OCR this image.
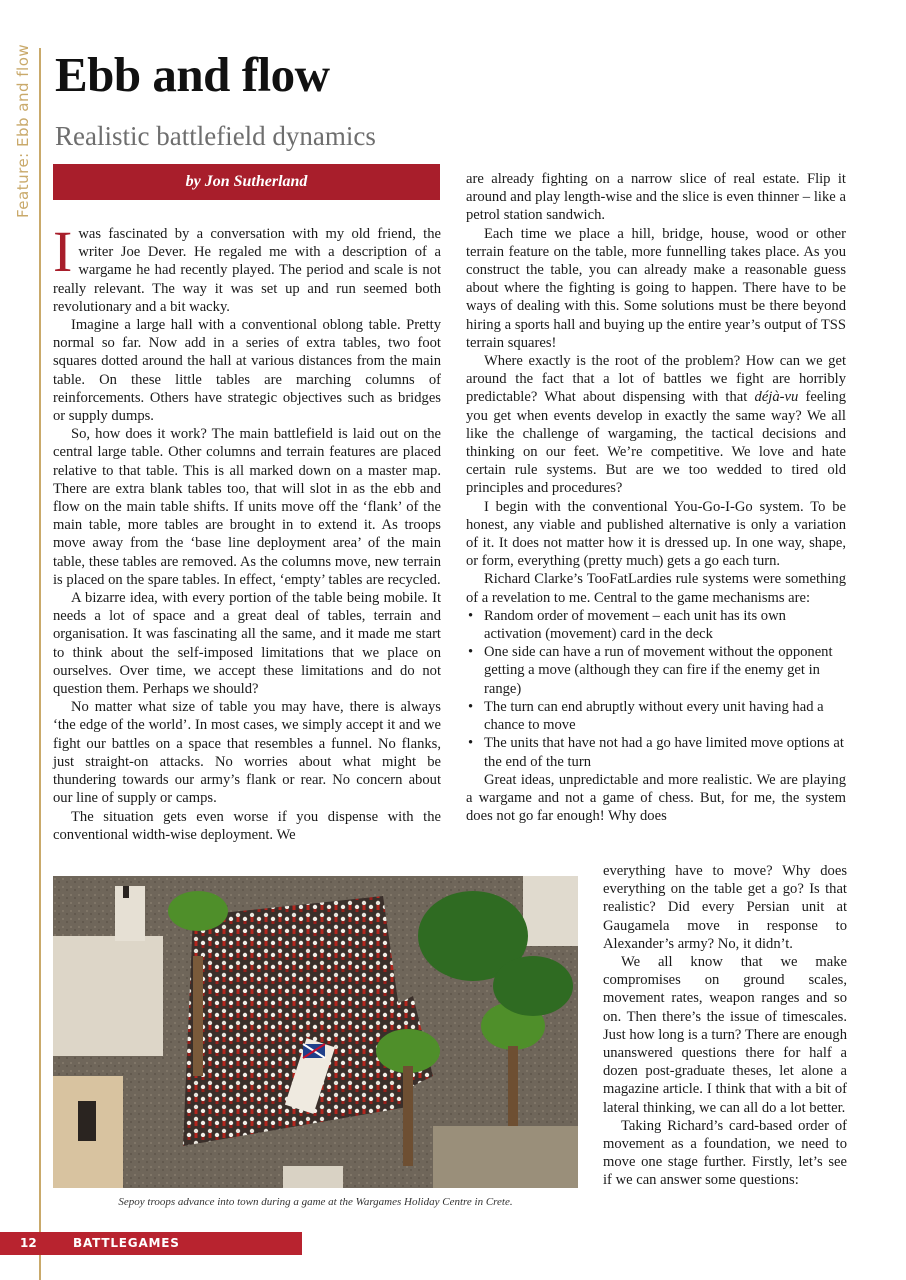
Feature: Ebb and flow Ebb and flow
Realistic battlefield dynamics
by Jon Sutherland

Iwas fascinated by a conversation with my old friend, the writer Joe Dever. He regaled me with a description of a wargame he had recently played. The period and scale is not really relevant. The way it was set up and run seemed both revolutionary and a bit wacky.

Imagine a large hall with a conventional oblong table. Pretty normal so far. Now add in a series of extra tables, two foot squares dotted around the hall at various distances from the main table. On these little tables are marching columns of reinforcements. Others have strategic objectives such as bridges or supply dumps.

So, how does it work? The main battlefield is laid out on the central large table. Other columns and terrain features are placed relative to that table. This is all marked down on a master map. There are extra blank tables too, that will slot in as the ebb and flow on the main table shifts. If units move off the ‘flank’ of the main table, more tables are brought in to extend it. As troops move away from the ‘base line deployment area’ of the main table, these tables are removed. As the columns move, new terrain is placed on the spare tables. In effect, ‘empty’ tables are recycled.

A bizarre idea, with every portion of the table being mobile. It needs a lot of space and a great deal of tables, terrain and organisation. It was fascinating all the same, and it made me start to think about the self-imposed limitations that we place on ourselves. Over time, we accept these limitations and do not question them. Perhaps we should?

No matter what size of table you may have, there is always ‘the edge of the world’. In most cases, we simply accept it and we fight our battles on a space that resembles a funnel. No flanks, just straight-on attacks. No worries about what might be thundering towards our army’s flank or rear. No concern about our line of supply or camps.

The situation gets even worse if you dispense with the conventional width-wise deployment. We

are already fighting on a narrow slice of real estate. Flip it around and play length-wise and the slice is even thinner – like a petrol station sandwich.

Each time we place a hill, bridge, house, wood or other terrain feature on the table, more funnelling takes place. As you construct the table, you can already make a reasonable guess about where the fighting is going to happen. There have to be ways of dealing with this. Some solutions must be there beyond hiring a sports hall and buying up the entire year’s output of TSS terrain squares!

Where exactly is the root of the problem? How can we get around the fact that a lot of battles we fight are horribly predictable? What about dispensing with that déjà-vu feeling you get when events develop in exactly the same way? We all like the challenge of wargaming, the tactical decisions and thinking on our feet. We’re competitive. We love and hate certain rule systems. But are we too wedded to tired old principles and procedures?

I begin with the conventional You-Go-I-Go system. To be honest, any viable and published alternative is only a variation of it. It does not matter how it is dressed up. In one way, shape, or form, everything (pretty much) gets a go each turn.

Richard Clarke’s TooFatLardies rule systems were something of a revelation to me. Central to the game mechanisms are:

• Random order of movement – each unit has its own activation (movement) card in the deck
• One side can have a run of movement without the opponent getting a move (although they can fire if the enemy get in range)
• The turn can end abruptly without every unit having had a chance to move
• The units that have not had a go have limited move options at the end of the turn

Great ideas, unpredictable and more realistic. We are playing a wargame and not a game of chess. But, for me, the system does not go far enough! Why does

everything have to move? Why does everything on the table get a go? Is that realistic? Did every Persian unit at Gaugamela move in response to Alexander’s army? No, it didn’t.

We all know that we make compromises on ground scales, movement rates, weapon ranges and so on. Then there’s the issue of timescales. Just how long is a turn? There are enough unanswered questions there for half a dozen post-graduate theses, let alone a magazine article. I think that with a bit of lateral thinking, we can all do a lot better.

Taking Richard’s card-based order of movement as a foundation, we need to move one stage further. Firstly, let’s see if we can answer some questions:

Sepoy troops advance into town during a game at the Wargames Holiday Centre in Crete.
12	BATTLEGAMES
